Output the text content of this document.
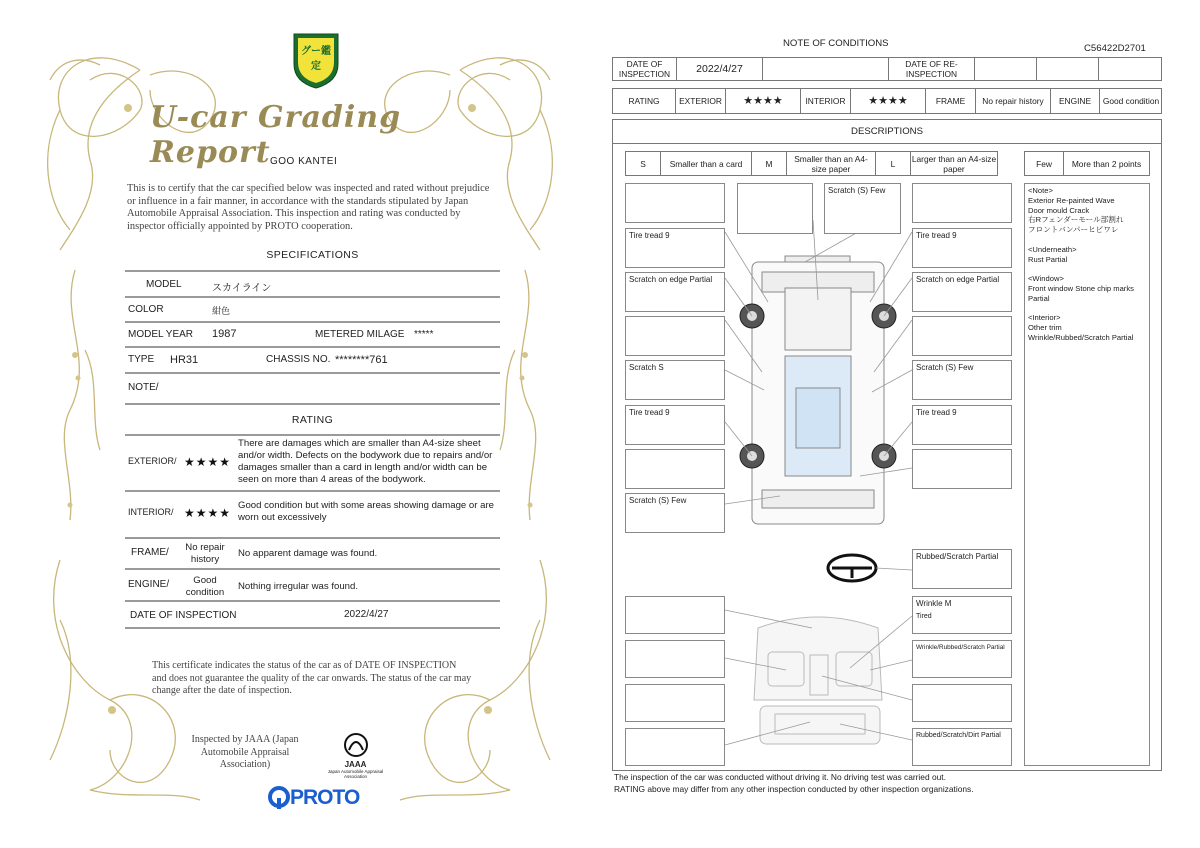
グー鑑定
U-car Grading Report GOO KANTEI
This is to certify that the car specified below was inspected and rated without prejudice or influence in a fair manner, in accordance with the standards stipulated by Japan Automobile Appraisal Association. This inspection and rating was conducted by inspector officially appointed by PROTO cooperation.
SPECIFICATIONS
MODEL	スカイライン
COLOR	紺色
MODEL YEAR 1987	METERED MILAGE *****
TYPE HR31	CHASSIS NO. ********761
NOTE/
RATING
EXTERIOR/ ★★★★
There are damages which are smaller than A4-size sheet and/or width. Defects on the bodywork due to repairs and/or damages smaller than a card in length and/or width can be seen on more than 4 areas of the bodywork.
INTERIOR/ ★★★★
Good condition but with some areas showing damage or are worn out excessively
FRAME/	No repair history
No apparent damage was found.
ENGINE/	Good condition
Nothing irregular was found.
DATE OF INSPECTION	2022/4/27
This certificate indicates the status of the car as of DATE OF INSPECTION and does not guarantee the quality of the car onwards. The status of the car may change after the date of inspection.
Inspected by JAAA (Japan Automobile Appraisal Association)	JAAA
Japan Automobile Appraisal Association
PROTO
NOTE OF CONDITIONS	C56422D2701
DATE OF INSPECTION	2022/4/27	DATE OF RE-INSPECTION
RATING	EXTERIOR	★★★★	INTERIOR	★★★★	FRAME	No repair history	ENGINE	Good condition
DESCRIPTIONS
S	Smaller than a card	M	Smaller than an A4-size paper	L	Larger than an A4-size paper	Few	More than 2 points
Tire tread 9
Scratch on edge Partial
Scratch S
Tire tread 9
Scratch (S) Few
Scratch (S) Few
Tire tread 9
Scratch on edge Partial
Scratch (S) Few
Tire tread 9
Rubbed/Scratch Partial
Wrinkle M
Tired
Wrinkle/Rubbed/Scratch Partial
Rubbed/Scratch/Dirt Partial
<Note>
Exterior Re-painted Wave
Door mould Crack
右Rフェンダーモール部割れ
フロントバンパーヒビワレ

<Underneath>
Rust Partial

<Window>
Front window Stone chip marks Partial

<Interior>
Other trim
Wrinkle/Rubbed/Scratch Partial
The inspection of the car was conducted without driving it. No driving test was carried out.
RATING above may differ from any other inspection conducted by other inspection organizations.
